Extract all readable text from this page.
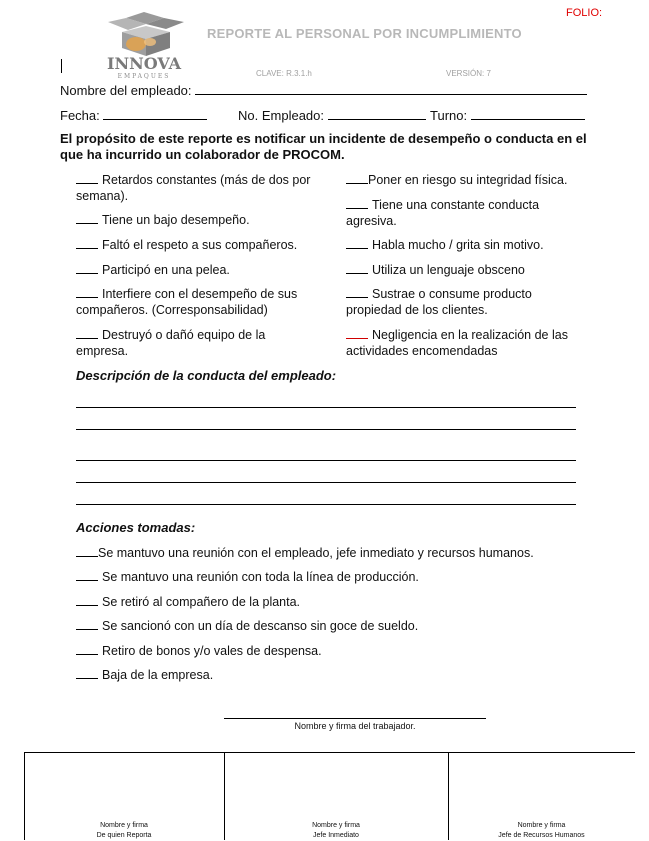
FOLIO:
INNOVA
EMPAQUES
REPORTE AL PERSONAL POR INCUMPLIMIENTO
CLAVE: R.3.1.h	VERSIÓN: 7
Nombre del empleado:
Fecha:	No. Empleado:	Turno:
El propósito de este reporte es notificar un incidente de desempeño o conducta en el que ha incurrido un colaborador de PROCOM.
Retardos constantes (más de dos por semana).
Tiene un bajo desempeño.
Faltó el respeto a sus compañeros.
Participó en una pelea.
Interfiere con el desempeño de sus compañeros. (Corresponsabilidad)
Destruyó o dañó equipo de la empresa.
Poner en riesgo su integridad física.
Tiene una constante conducta agresiva.
Habla mucho / grita sin motivo.
Utiliza un lenguaje obsceno
Sustrae o consume producto propiedad de los clientes.
Negligencia en la realización de las actividades encomendadas
Descripción de la conducta del empleado:
Acciones tomadas:
Se mantuvo una reunión con el empleado, jefe inmediato y recursos humanos.
Se mantuvo una reunión con toda la línea de producción.
Se retiró al compañero de la planta.
Se sancionó con un día de descanso sin goce de sueldo.
Retiro de bonos y/o vales de despensa.
Baja de la empresa.
Nombre y firma del trabajador.
Nombre y firma
De quien Reporta
Nombre y firma
Jefe Inmediato
Nombre y firma
Jefe de Recursos Humanos
